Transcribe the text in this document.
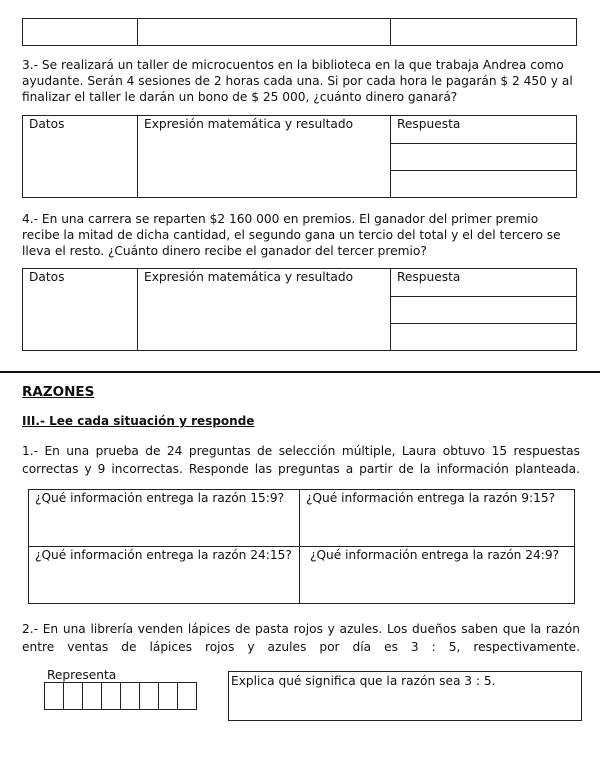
3.- Se realizará un taller de microcuentos en la biblioteca en la que trabaja Andrea como ayudante. Serán 4 sesiones de 2 horas cada una. Si por cada hora le pagarán $ 2 450 y al finalizar el taller le darán un bono de $ 25 000, ¿cuánto dinero ganará?

Datos	Expresión matemática y resultado	Respuesta

4.- En una carrera se reparten $2 160 000 en premios. El ganador del primer premio recibe la mitad de dicha cantidad, el segundo gana un tercio del total y el del tercero se lleva el resto. ¿Cuánto dinero recibe el ganador del tercer premio?

Datos	Expresión matemática y resultado	Respuesta

RAZONES
III.- Lee cada situación y responde

1.- En una prueba de 24 preguntas de selección múltiple, Laura obtuvo 15 respuestas correctas y 9 incorrectas. Responde las preguntas a partir de la información planteada.

¿Qué información entrega la razón 15:9?	¿Qué información entrega la razón 9:15?

¿Qué información entrega la razón 24:15?	¿Qué información entrega la razón 24:9?

2.- En una librería venden lápices de pasta rojos y azules. Los dueños saben que la razón entre ventas de lápices rojos y azules por día es 3 : 5, respectivamente.

Representa	Explica qué significa que la razón sea 3 : 5.
